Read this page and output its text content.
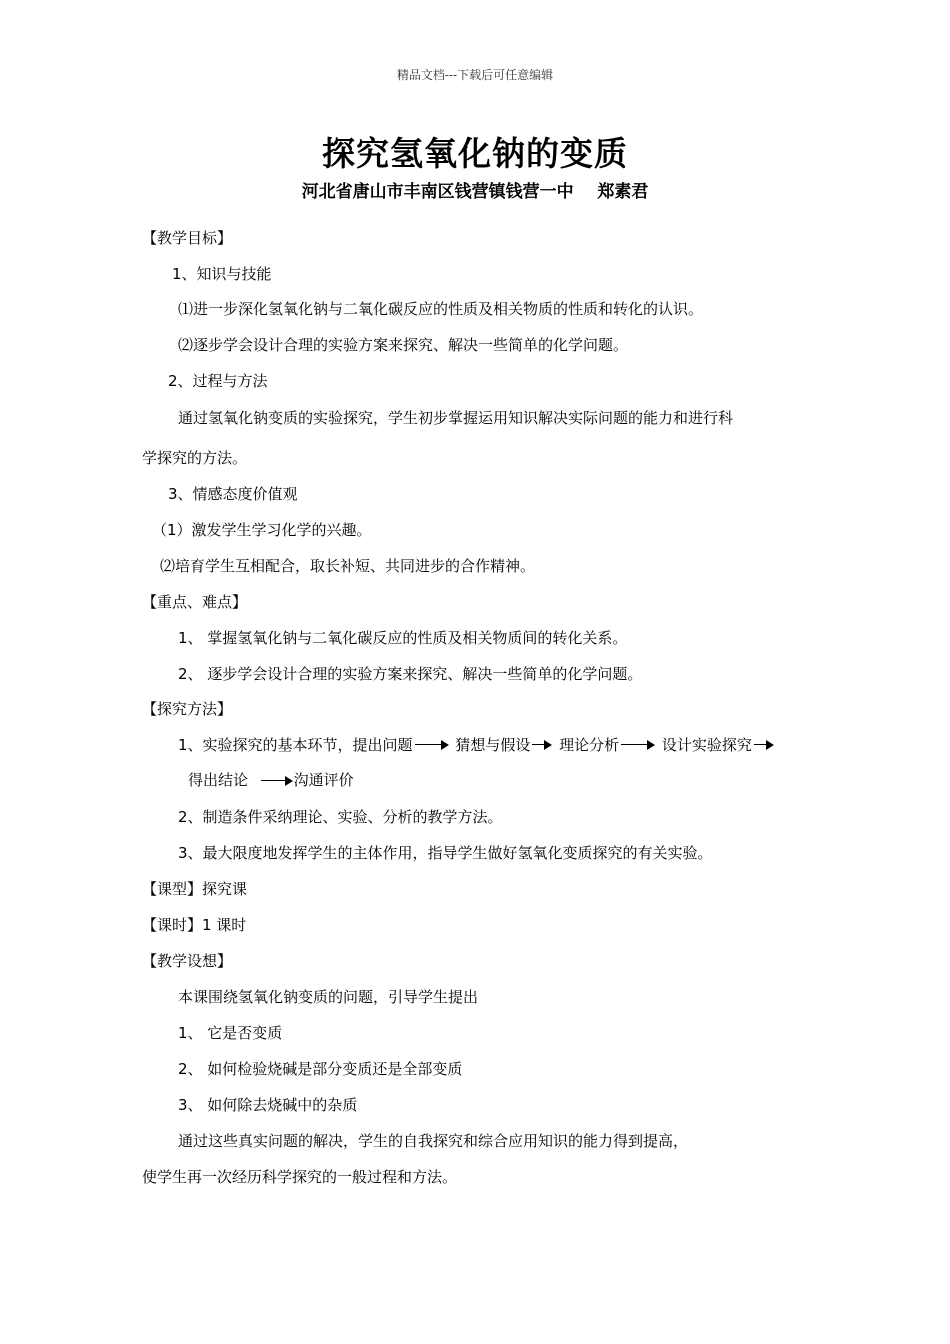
精品文档---下载后可任意编辑
探究氢氧化钠的变质
河北省唐山市丰南区钱营镇钱营一中    郑素君
【教学目标】
1、知识与技能
⑴进一步深化氢氧化钠与二氧化碳反应的性质及相关物质的性质和转化的认识。
⑵逐步学会设计合理的实验方案来探究、解决一些简单的化学问题。
2、过程与方法
通过氢氧化钠变质的实验探究，学生初步掌握运用知识解决实际问题的能力和进行科
学探究的方法。
3、情感态度价值观
（1）激发学生学习化学的兴趣。
⑵培育学生互相配合，取长补短、共同进步的合作精神。
【重点、难点】
1、 掌握氢氧化钠与二氧化碳反应的性质及相关物质间的转化关系。
2、 逐步学会设计合理的实验方案来探究、解决一些简单的化学问题。
【探究方法】
1、实验探究的基本环节，提出问题	猜想与假设 理论分析	设计实验探究
得出结论	沟通评价
2、制造条件采纳理论、实验、分析的教学方法。
3、最大限度地发挥学生的主体作用，指导学生做好氢氧化变质探究的有关实验。
【课型】探究课
【课时】1 课时
【教学设想】
本课围绕氢氧化钠变质的问题，引导学生提出
1、 它是否变质
2、 如何检验烧碱是部分变质还是全部变质
3、 如何除去烧碱中的杂质
通过这些真实问题的解决，学生的自我探究和综合应用知识的能力得到提高，
使学生再一次经历科学探究的一般过程和方法。
